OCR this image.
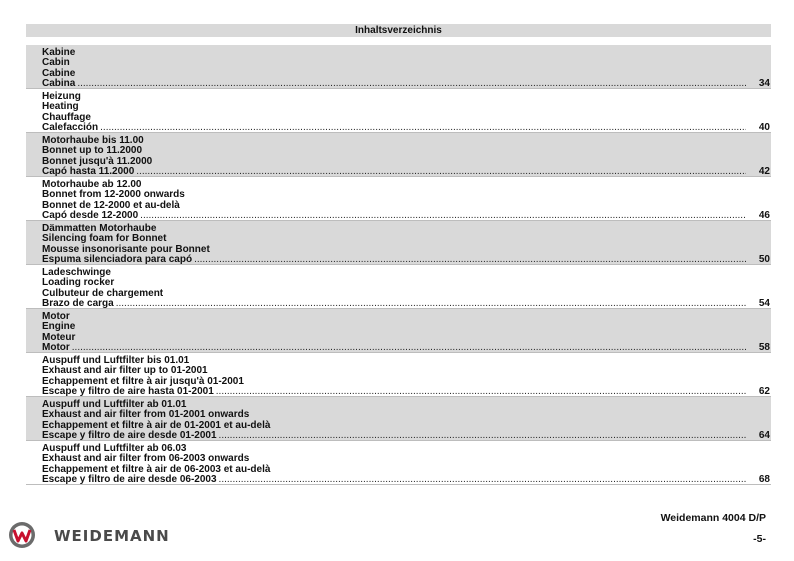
Inhaltsverzeichnis
Kabine
Cabin
Cabine
Cabina .....	34
Heizung
Heating
Chauffage
Calefacción .....	40
Motorhaube bis 11.00
Bonnet up to 11.2000
Bonnet jusqu'à 11.2000
Capó hasta 11.2000 .....	42
Motorhaube ab 12.00
Bonnet from 12-2000 onwards
Bonnet de 12-2000 et au-delà
Capó desde 12-2000 .....	46
Dämmatten Motorhaube
Silencing foam for Bonnet
Mousse insonorisante pour Bonnet
Espuma silenciadora para capó .....	50
Ladeschwinge
Loading rocker
Culbuteur de chargement
Brazo de carga .....	54
Motor
Engine
Moteur
Motor .....	58
Auspuff und Luftfilter bis 01.01
Exhaust and air filter up to 01-2001
Echappement et filtre à air jusqu'à 01-2001
Escape y filtro de aire hasta 01-2001 .....	62
Auspuff und Luftfilter ab 01.01
Exhaust and air filter from 01-2001 onwards
Echappement et filtre à air de 01-2001 et au-delà
Escape y filtro de aire desde 01-2001 .....	64
Auspuff und Luftfilter ab 06.03
Exhaust and air filter from 06-2003 onwards
Echappement et filtre à air de 06-2003 et au-delà
Escape y filtro de aire desde 06-2003 .....	68
WEIDEMANN
Weidemann 4004 D/P
-5-
